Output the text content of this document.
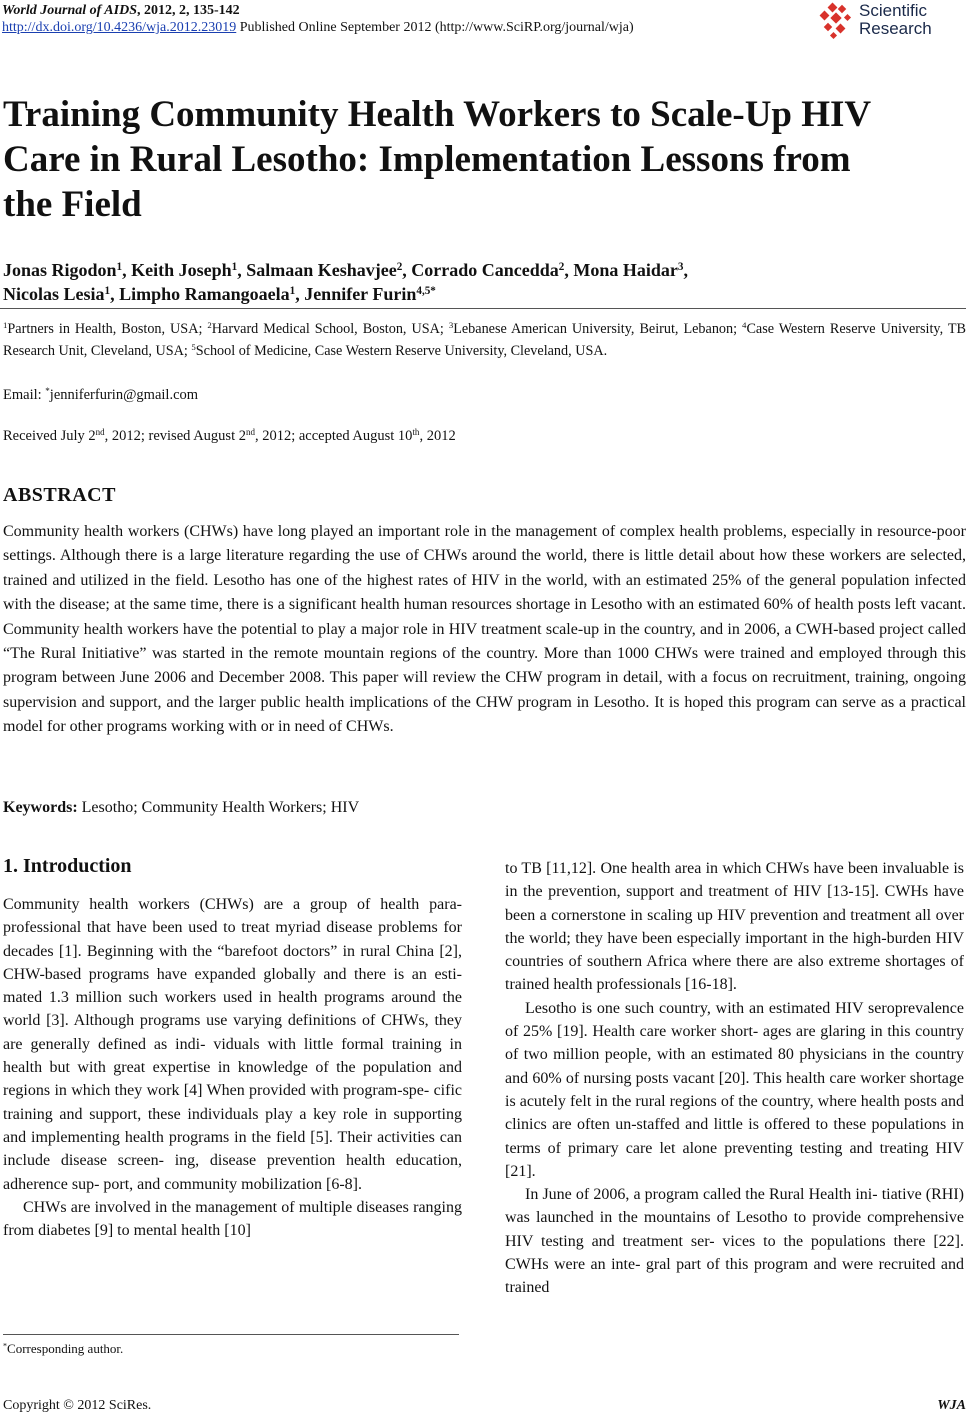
World Journal of AIDS, 2012, 2, 135-142
http://dx.doi.org/10.4236/wja.2012.23019 Published Online September 2012 (http://www.SciRP.org/journal/wja)
Scientific
Research
Training Community Health Workers to Scale-Up HIV Care in Rural Lesotho: Implementation Lessons from the Field
Jonas Rigodon$^1$, Keith Joseph$^1$, Salmaan Keshavjee$^2$, Corrado Cancedda$^2$, Mona Haidar$^3$,
Nicolas Lesia$^1$, Limpho Ramangoaela$^1$, Jennifer Furin$^{4,5*}$
$^1$Partners in Health, Boston, USA; $^2$Harvard Medical School, Boston, USA; $^3$Lebanese American University, Beirut, Lebanon; $^4$Case Western Reserve University, TB Research Unit, Cleveland, USA; $^5$School of Medicine, Case Western Reserve University, Cleveland, USA.
Email: *jenniferfurin@gmail.com
Received July 2nd, 2012; revised August 2nd, 2012; accepted August 10th, 2012
ABSTRACT

Community health workers (CHWs) have long played an important role in the management of complex health problems, especially in resource-poor settings. Although there is a large literature regarding the use of CHWs around the world, there is little detail about how these workers are selected, trained and utilized in the field. Lesotho has one of the highest rates of HIV in the world, with an estimated 25% of the general population infected with the disease; at the same time, there is a significant health human resources shortage in Lesotho with an estimated 60% of health posts left vacant. Community health workers have the potential to play a major role in HIV treatment scale-up in the country, and in 2006, a CWH-based project called “The Rural Initiative” was started in the remote mountain regions of the country. More than 1000 CHWs were trained and employed through this program between June 2006 and December 2008. This paper will review the CHW program in detail, with a focus on recruitment, training, ongoing supervision and support, and the larger public health implications of the CHW program in Lesotho. It is hoped this program can serve as a practical model for other programs working with or in need of CHWs.

Keywords: Lesotho; Community Health Workers; HIV
1. Introduction

Community health workers (CHWs) are a group of health para-professional that have been used to treat myriad disease problems for decades [1]. Beginning with the “barefoot doctors” in rural China [2], CHW-based programs have expanded globally and there is an esti- mated 1.3 million such workers used in health programs around the world [3]. Although programs use varying definitions of CHWs, they are generally defined as indi- viduals with little formal training in health but with great expertise in knowledge of the population and regions in which they work [4] When provided with program-spe- cific training and support, these individuals play a key role in supporting and implementing health programs in the field [5]. Their activities can include disease screen- ing, disease prevention health education, adherence sup- port, and community mobilization [6-8].

CHWs are involved in the management of multiple diseases ranging from diabetes [9] to mental health [10]

to TB [11,12]. One health area in which CHWs have been invaluable is in the prevention, support and treatment of HIV [13-15]. CWHs have been a cornerstone in scaling up HIV prevention and treatment all over the world; they have been especially important in the high-burden HIV countries of southern Africa where there are also extreme shortages of trained health professionals [16-18].

Lesotho is one such country, with an estimated HIV seroprevalence of 25% [19]. Health care worker short- ages are glaring in this country of two million people, with an estimated 80 physicians in the country and 60% of nursing posts vacant [20]. This health care worker shortage is acutely felt in the rural regions of the country, where health posts and clinics are often un-staffed and little is offered to these populations in terms of primary care let alone preventing testing and treating HIV [21].

In June of 2006, a program called the Rural Health ini- tiative (RHI) was launched in the mountains of Lesotho to provide comprehensive HIV testing and treatment ser- vices to the populations there [22]. CWHs were an inte- gral part of this program and were recruited and trained

*Corresponding author.
Copyright © 2012 SciRes.	WJA
